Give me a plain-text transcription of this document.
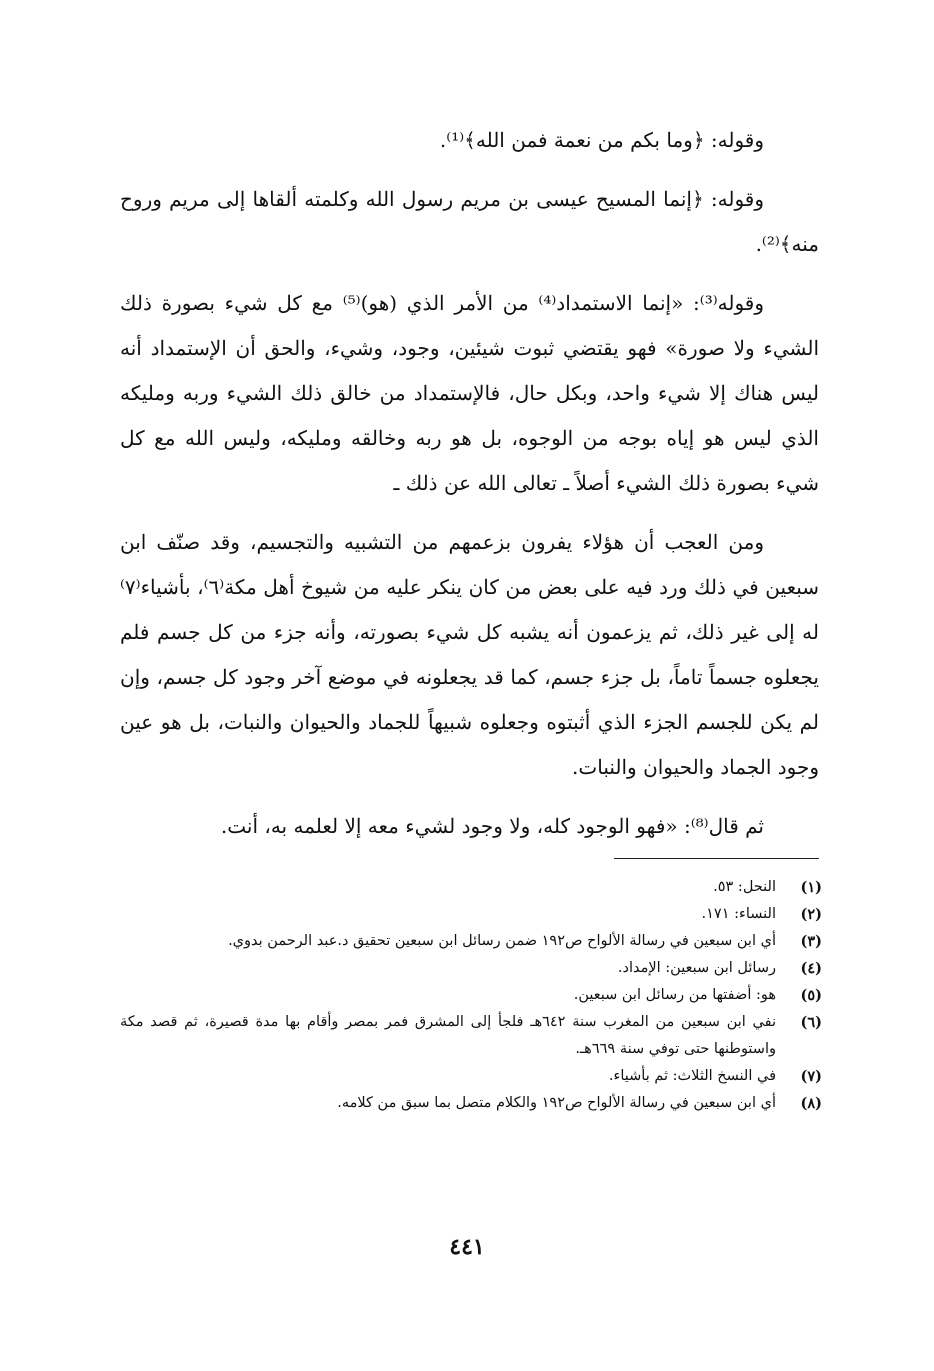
وقوله: ﴿وما بكم من نعمة فمن الله﴾⁽¹⁾.

وقوله: ﴿إنما المسيح عيسى بن مريم رسول الله وكلمته ألقاها إلى مريم وروح منه﴾⁽²⁾.

وقوله⁽³⁾: «إنما الاستمداد⁽⁴⁾ من الأمر الذي (هو)⁽⁵⁾ مع كل شيء بصورة ذلك الشيء ولا صورة» فهو يقتضي ثبوت شيئين، وجود، وشيء، والحق أن الإستمداد أنه ليس هناك إلا شيء واحد، وبكل حال، فالإستمداد من خالق ذلك الشيء وربه ومليكه الذي ليس هو إياه بوجه من الوجوه، بل هو ربه وخالقه ومليكه، وليس الله مع كل شيء بصورة ذلك الشيء أصلاً ـ تعالى الله عن ذلك ـ

ومن العجب أن هؤلاء يفرون بزعمهم من التشبيه والتجسيم، وقد صنّف ابن سبعين في ذلك ورد فيه على بعض من كان ينكر عليه من شيوخ أهل مكة⁽٦⁾، بأشياء⁽٧⁾ له إلى غير ذلك، ثم يزعمون أنه يشبه كل شيء بصورته، وأنه جزء من كل جسم فلم يجعلوه جسماً تاماً، بل جزء جسم، كما قد يجعلونه في موضع آخر وجود كل جسم، وإن لم يكن للجسم الجزء الذي أثبتوه وجعلوه شبيهاً للجماد والحيوان والنبات، بل هو عين وجود الجماد والحيوان والنبات.

ثم قال⁽⁸⁾: «فهو الوجود كله، ولا وجود لشيء معه إلا لعلمه به، أنت.

(١)
النحل: ٥٣.
(٢)
النساء: ١٧١.
(٣)
أي ابن سبعين في رسالة الألواح ص١٩٢ ضمن رسائل ابن سبعين تحقيق د.عبد الرحمن بدوي.
(٤)
رسائل ابن سبعين: الإمداد.
(٥)
هو: أضفتها من رسائل ابن سبعين.
(٦)
نفي ابن سبعين من المغرب سنة ٦٤٢هـ فلجأ إلى المشرق فمر بمصر وأقام بها مدة قصيرة، ثم قصد مكة واستوطنها حتى توفي سنة ٦٦٩هـ.
(٧)
في النسخ الثلاث: ثم بأشياء.
(٨)
أي ابن سبعين في رسالة الألواح ص١٩٢ والكلام متصل بما سبق من كلامه.
٤٤١
